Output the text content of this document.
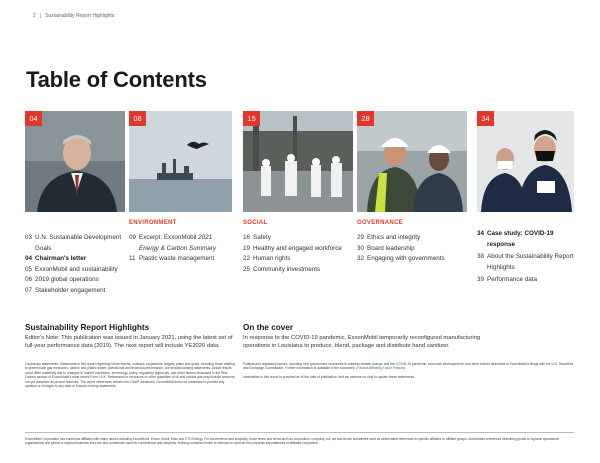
2 | Sustainability Report Highlights
Table of Contents
04	08	15	28	34
03 U.N. Sustainable Development Goals
04 Chairman's letter
05 ExxonMobil and sustainability
06 2019 global operations
07 Stakeholder engagement
ENVIRONMENT
09 Excerpt: ExxonMobil 2021 Energy & Carbon Summary
11 Plastic waste management
SOCIAL
16 Safety
19 Healthy and engaged workforce
22 Human rights
25 Community investments
GOVERNANCE
29 Ethics and integrity
30 Board leadership
32 Engaging with governments
34 Case study: COVID-19 response
38 About the Sustainability Report Highlights
39 Performance data
Sustainability Report Highlights
Editor's Note: This publication was issued in January 2021, using the latest set of full-year performance data (2019). The next report will include YE2020 data.
On the cover
In response to the COVID-19 pandemic, ExxonMobil temporarily reconfigured manufacturing operations in Louisiana to produce, blend, package and distribute hand sanitizer.
Cautionary statements: Statements in this report regarding future events, outlooks, projections, targets, plans and goals, including those relating to greenhouse gas emissions, carbon and plastic waste, operational and financial performance, are forward-looking statements. Actual results could differ materially due to changes in market conditions, technology, policy, regulatory approvals, and other factors discussed in the Risk Factors section of ExxonMobil's most recent Form 10-K. References to resources or other quantities of oil and natural gas may include amounts not yet classified as proved reserves. The report references certain non-GAAP measures. ExxonMobil does not undertake to provide any updates or changes to any data or forward-looking statements.
Political and regulatory factors, including new government responses to address climate change and the COVID-19 pandemic; economic developments; and other factors described in ExxonMobil's filings with the U.S. Securities and Exchange Commission. Further information is available in the document. (Factors Affecting Future Results)

Information in this report is provided as of the date of publication, and we assume no duty to update these statements.
ExxonMobil Corporation has numerous affiliates with many names including ExxonMobil, Exxon, Mobil, Esso and XTO Energy. For convenience and simplicity, those terms and terms such as corporation, company, our, we and its are sometimes used as abbreviated references to specific affiliates or affiliate groups. Abbreviated references describing global or regional operational organizations and global or regional business lines are also sometimes used for convenience and simplicity. Nothing contained herein is intended to override the corporate separateness of affiliated companies.
